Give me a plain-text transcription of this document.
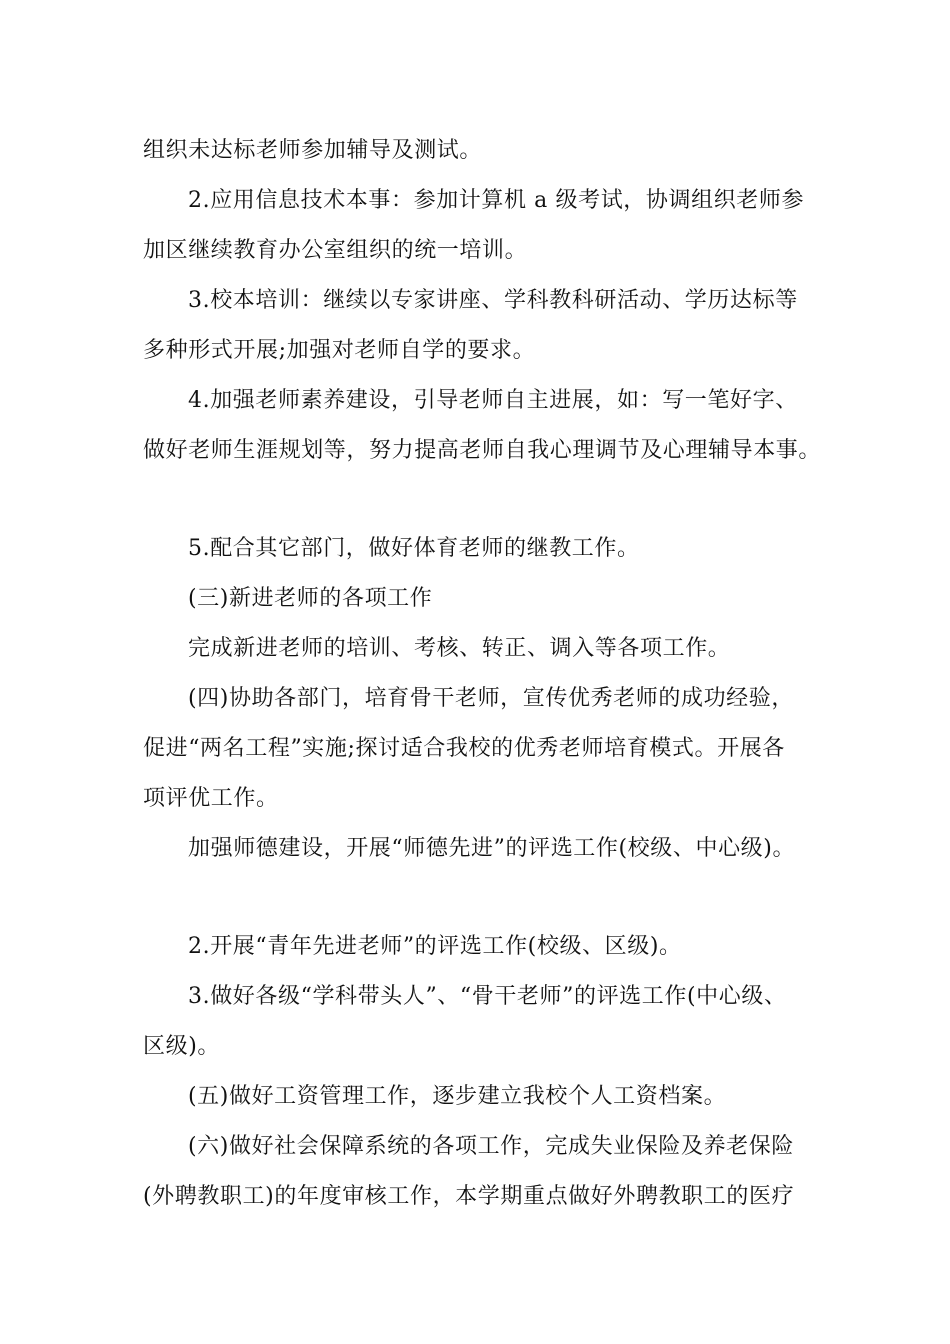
组织未达标老师参加辅导及测试。
2.应用信息技术本事：参加计算机 a 级考试，协调组织老师参
加区继续教育办公室组织的统一培训。
3.校本培训：继续以专家讲座、学科教科研活动、学历达标等
多种形式开展;加强对老师自学的要求。
4.加强老师素养建设，引导老师自主进展，如：写一笔好字、
做好老师生涯规划等，努力提高老师自我心理调节及心理辅导本事。
5.配合其它部门，做好体育老师的继教工作。
(三)新进老师的各项工作
完成新进老师的培训、考核、转正、调入等各项工作。
(四)协助各部门，培育骨干老师，宣传优秀老师的成功经验，
促进“两名工程”实施;探讨适合我校的优秀老师培育模式。开展各
项评优工作。
加强师德建设，开展“师德先进”的评选工作(校级、中心级)。
2.开展“青年先进老师”的评选工作(校级、区级)。
3.做好各级“学科带头人”、“骨干老师”的评选工作(中心级、
区级)。
(五)做好工资管理工作，逐步建立我校个人工资档案。
(六)做好社会保障系统的各项工作，完成失业保险及养老保险
(外聘教职工)的年度审核工作，本学期重点做好外聘教职工的医疗
